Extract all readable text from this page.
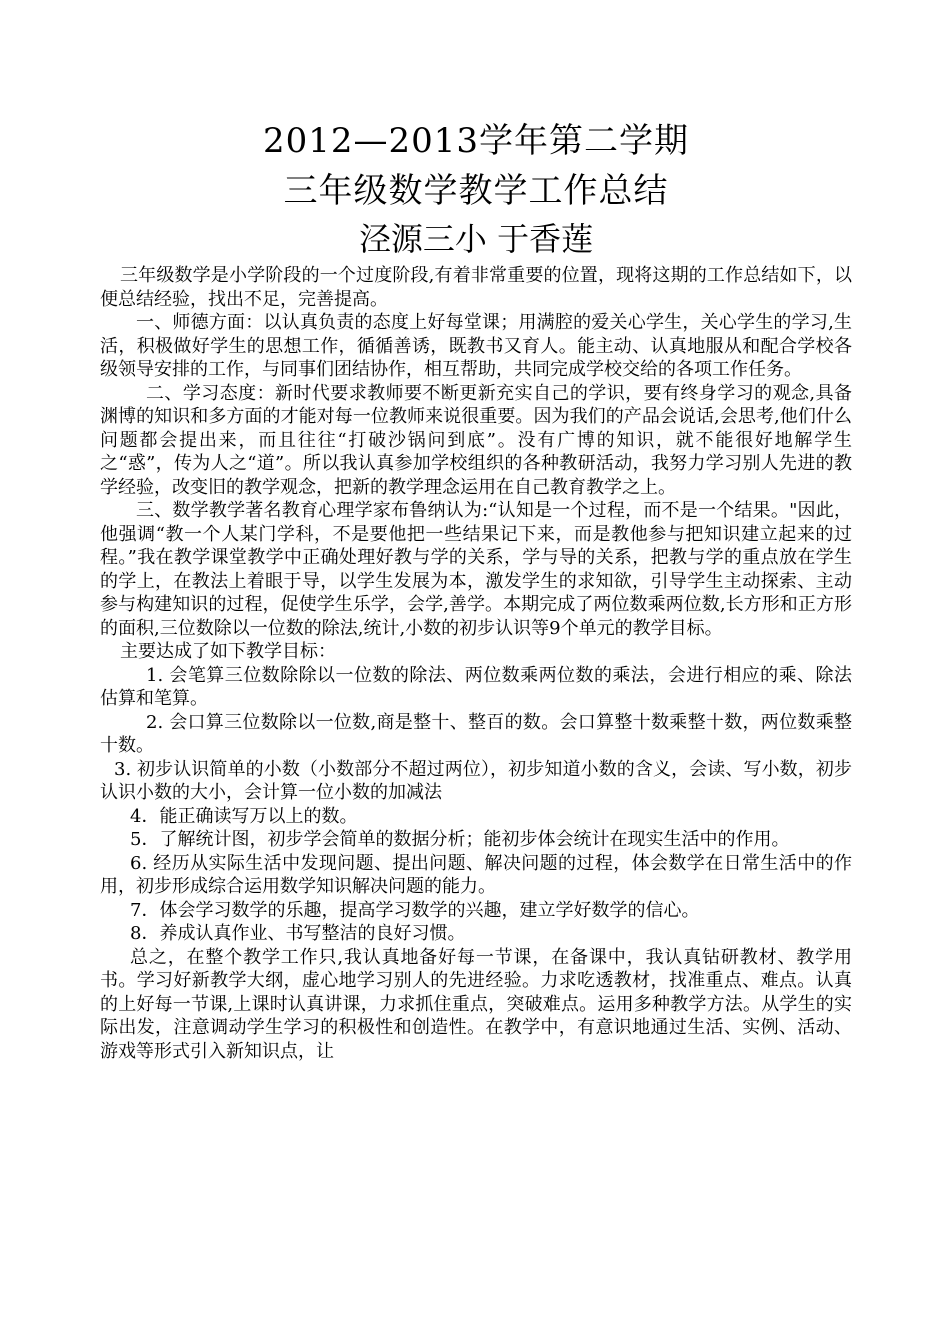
2012—2013学年第二学期
三年级数学教学工作总结
泾源三小 于香莲

三年级数学是小学阶段的一个过度阶段,有着非常重要的位置，现将这期的工作总结如下，以便总结经验，找出不足，完善提高。

一、师德方面：以认真负责的态度上好每堂课；用满腔的爱关心学生，关心学生的学习,生活，积极做好学生的思想工作，循循善诱，既教书又育人。能主动、认真地服从和配合学校各级领导安排的工作，与同事们团结协作，相互帮助，共同完成学校交给的各项工作任务。

二、学习态度：新时代要求教师要不断更新充实自己的学识，要有终身学习的观念,具备渊博的知识和多方面的才能对每一位教师来说很重要。因为我们的产品会说话,会思考,他们什么问题都会提出来，而且往往“打破沙锅问到底”。没有广博的知识，就不能很好地解学生之“惑”，传为人之“道”。所以我认真参加学校组织的各种教研活动，我努力学习别人先进的教学经验，改变旧的教学观念，把新的教学理念运用在自己教育教学之上。

三、数学教学著名教育心理学家布鲁纳认为:“认知是一个过程，而不是一个结果。"因此，他强调“教一个人某门学科，不是要他把一些结果记下来，而是教他参与把知识建立起来的过程。”我在教学课堂教学中正确处理好教与学的关系，学与导的关系，把教与学的重点放在学生的学上，在教法上着眼于导，以学生发展为本，激发学生的求知欲，引导学生主动探索、主动参与构建知识的过程，促使学生乐学，会学,善学。本期完成了两位数乘两位数,长方形和正方形的面积,三位数除以一位数的除法,统计,小数的初步认识等9个单元的教学目标。

主要达成了如下教学目标：

1. 会笔算三位数除除以一位数的除法、两位数乘两位数的乘法，会进行相应的乘、除法估算和笔算。

2. 会口算三位数除以一位数,商是整十、整百的数。会口算整十数乘整十数，两位数乘整十数。

3. 初步认识简单的小数（小数部分不超过两位），初步知道小数的含义，会读、写小数，初步认识小数的大小，会计算一位小数的加减法

4．能正确读写万以上的数。

5．了解统计图，初步学会简单的数据分析；能初步体会统计在现实生活中的作用。

6. 经历从实际生活中发现问题、提出问题、解决问题的过程，体会数学在日常生活中的作用，初步形成综合运用数学知识解决问题的能力。

7．体会学习数学的乐趣，提高学习数学的兴趣，建立学好数学的信心。

8．养成认真作业、书写整洁的良好习惯。

总之，在整个教学工作只,我认真地备好每一节课，在备课中，我认真钻研教材、教学用书。学习好新教学大纲，虚心地学习别人的先进经验。力求吃透教材，找准重点、难点。认真的上好每一节课,上课时认真讲课，力求抓住重点，突破难点。运用多种教学方法。从学生的实际出发，注意调动学生学习的积极性和创造性。在教学中，有意识地通过生活、实例、活动、游戏等形式引入新知识点，让
